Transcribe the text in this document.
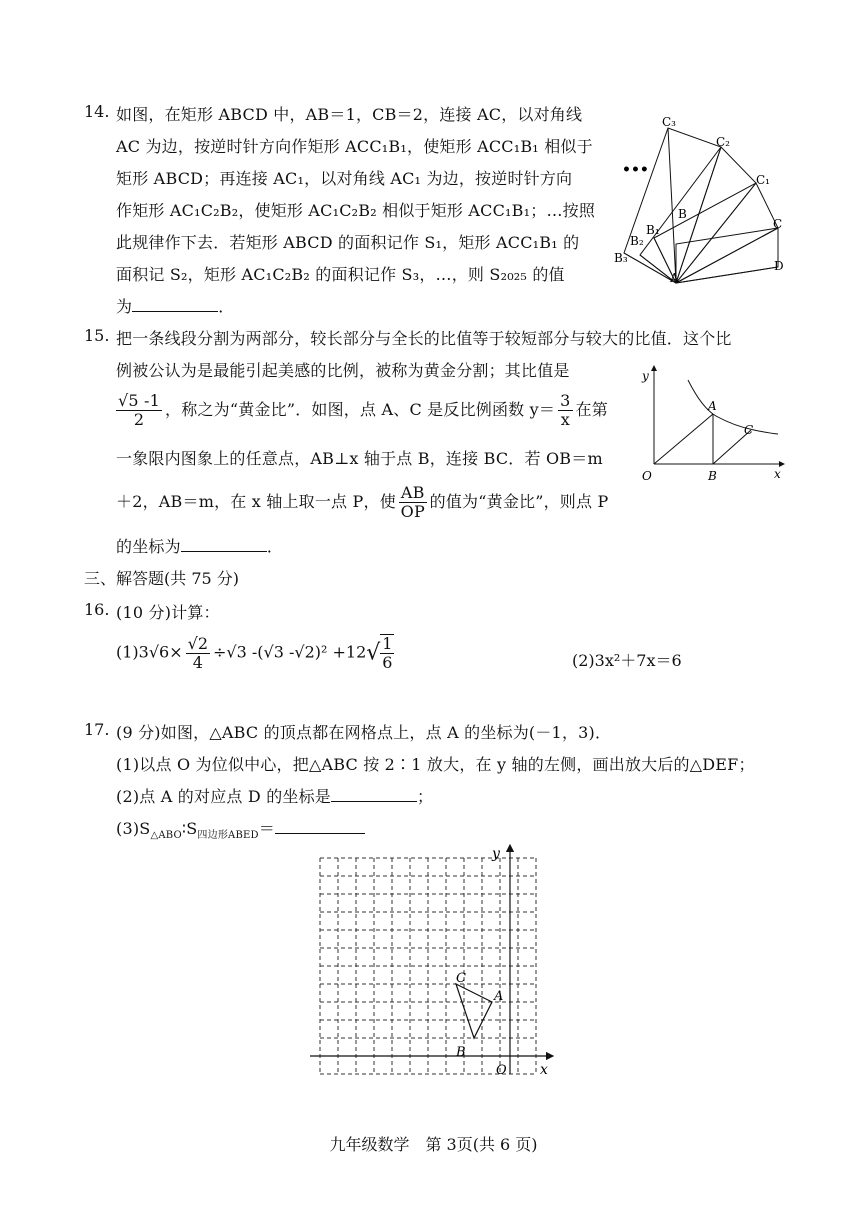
14. 如图，在矩形 ABCD 中，AB＝1，CB＝2，连接 AC，以对角线
AC 为边，按逆时针方向作矩形 ACC₁B₁，使矩形 ACC₁B₁ 相似于
矩形 ABCD；再连接 AC₁，以对角线 AC₁ 为边，按逆时针方向
作矩形 AC₁C₂B₂，使矩形 AC₁C₂B₂ 相似于矩形 ACC₁B₁；…按照
此规律作下去．若矩形 ABCD 的面积记作 S₁，矩形 ACC₁B₁ 的
面积记 S₂，矩形 AC₁C₂B₂ 的面积记作 S₃，…，则 S₂₀₂₅ 的值
为	．
•••
C₃
C₂
C₁
C
B
B₁
B₂
B₃
A
D
15. 把一条线段分割为两部分，较长部分与全长的比值等于较短部分与较大的比值．这个比
例被公认为是最能引起美感的比例，被称为黄金分割；其比值是
$\frac{√5 -1}{2}$ ，称之为“黄金比”．如图，点 A、C 是反比例函数 $y= \frac{3}{x}$ 在第
一象限内图象上的任意点，AB⊥x 轴于点 B，连接 BC．若 OB＝m
＋2，AB＝m，在 x 轴上取一点 P，使 $\frac{AB}{OP}$ 的值为“黄金比”，则点 P
的坐标为	．
y
A
C
O	B	x
三、解答题(共 75 分)
16. (10 分)计算：
$(1)3√6\times \frac{√2}{4} \div√3$ -(√3 $-√2)^2 +12√ \frac{1}{6}$	(2)3x²＋7x＝6
17. (9 分)如图，△ABC 的顶点都在网格点上，点 A 的坐标为(－1，3)．
(1)以点 O 为位似中心，把△ABC 按 2∶1 放大，在 y 轴的左侧，画出放大后的△DEF；
(2)点 A 的对应点 D 的坐标是	；
$(3)S_{\triangle ABO}∶S_{四边形ABED}=$
y
x
O
A
B
C
九年级数学　第 3页(共 6 页)
